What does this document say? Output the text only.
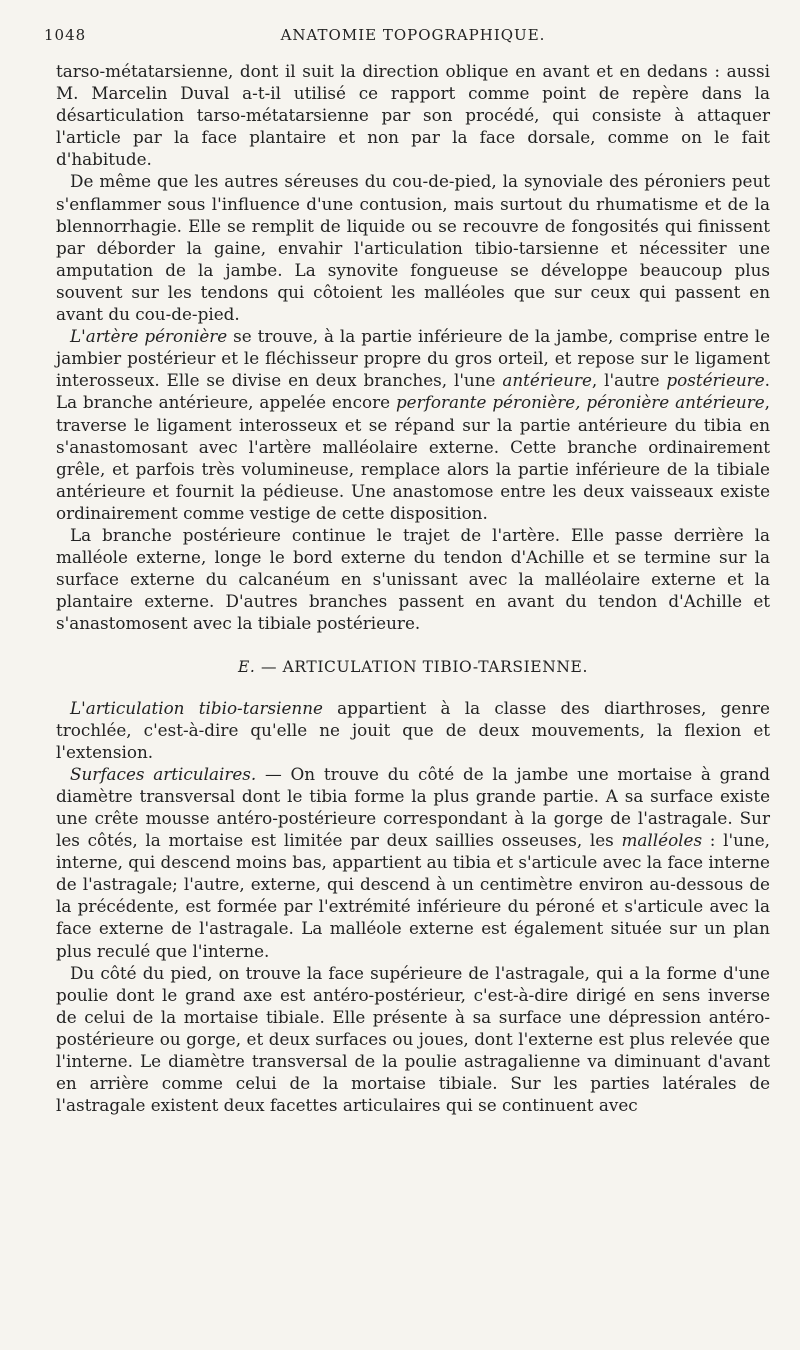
1048	ANATOMIE TOPOGRAPHIQUE.

tarso-métatarsienne, dont il suit la direction oblique en avant et en dedans : aussi M. Marcelin Duval a-t-il utilisé ce rapport comme point de repère dans la désarticulation tarso-métatarsienne par son procédé, qui consiste à attaquer l'article par la face plantaire et non par la face dorsale, comme on le fait d'habitude.

De même que les autres séreuses du cou-de-pied, la synoviale des péroniers peut s'enflammer sous l'influence d'une contusion, mais surtout du rhumatisme et de la blennorrhagie. Elle se remplit de liquide ou se recouvre de fongosités qui finissent par déborder la gaine, envahir l'articulation tibio-tarsienne et nécessiter une amputation de la jambe. La synovite fongueuse se développe beaucoup plus souvent sur les tendons qui côtoient les malléoles que sur ceux qui passent en avant du cou-de-pied.

L'artère péronière se trouve, à la partie inférieure de la jambe, comprise entre le jambier postérieur et le fléchisseur propre du gros orteil, et repose sur le ligament interosseux. Elle se divise en deux branches, l'une antérieure, l'autre postérieure. La branche antérieure, appelée encore perforante péronière, péronière antérieure, traverse le ligament interosseux et se répand sur la partie antérieure du tibia en s'anastomosant avec l'artère malléolaire externe. Cette branche ordinairement grêle, et parfois très volumineuse, remplace alors la partie inférieure de la tibiale antérieure et fournit la pédieuse. Une anastomose entre les deux vaisseaux existe ordinairement comme vestige de cette disposition.

La branche postérieure continue le trajet de l'artère. Elle passe derrière la malléole externe, longe le bord externe du tendon d'Achille et se termine sur la surface externe du calcanéum en s'unissant avec la malléolaire externe et la plantaire externe. D'autres branches passent en avant du tendon d'Achille et s'anastomosent avec la tibiale postérieure.

E. — ARTICULATION TIBIO-TARSIENNE.

L'articulation tibio-tarsienne appartient à la classe des diarthroses, genre trochlée, c'est-à-dire qu'elle ne jouit que de deux mouvements, la flexion et l'extension.

Surfaces articulaires. — On trouve du côté de la jambe une mortaise à grand diamètre transversal dont le tibia forme la plus grande partie. A sa surface existe une crête mousse antéro-postérieure correspondant à la gorge de l'astragale. Sur les côtés, la mortaise est limitée par deux saillies osseuses, les malléoles : l'une, interne, qui descend moins bas, appartient au tibia et s'articule avec la face interne de l'astragale; l'autre, externe, qui descend à un centimètre environ au-dessous de la précédente, est formée par l'extrémité inférieure du péroné et s'articule avec la face externe de l'astragale. La malléole externe est également située sur un plan plus reculé que l'interne.

Du côté du pied, on trouve la face supérieure de l'astragale, qui a la forme d'une poulie dont le grand axe est antéro-postérieur, c'est-à-dire dirigé en sens inverse de celui de la mortaise tibiale. Elle présente à sa surface une dépression antéro-postérieure ou gorge, et deux surfaces ou joues, dont l'externe est plus relevée que l'interne. Le diamètre transversal de la poulie astragalienne va diminuant d'avant en arrière comme celui de la mortaise tibiale. Sur les parties latérales de l'astragale existent deux facettes articulaires qui se continuent avec
